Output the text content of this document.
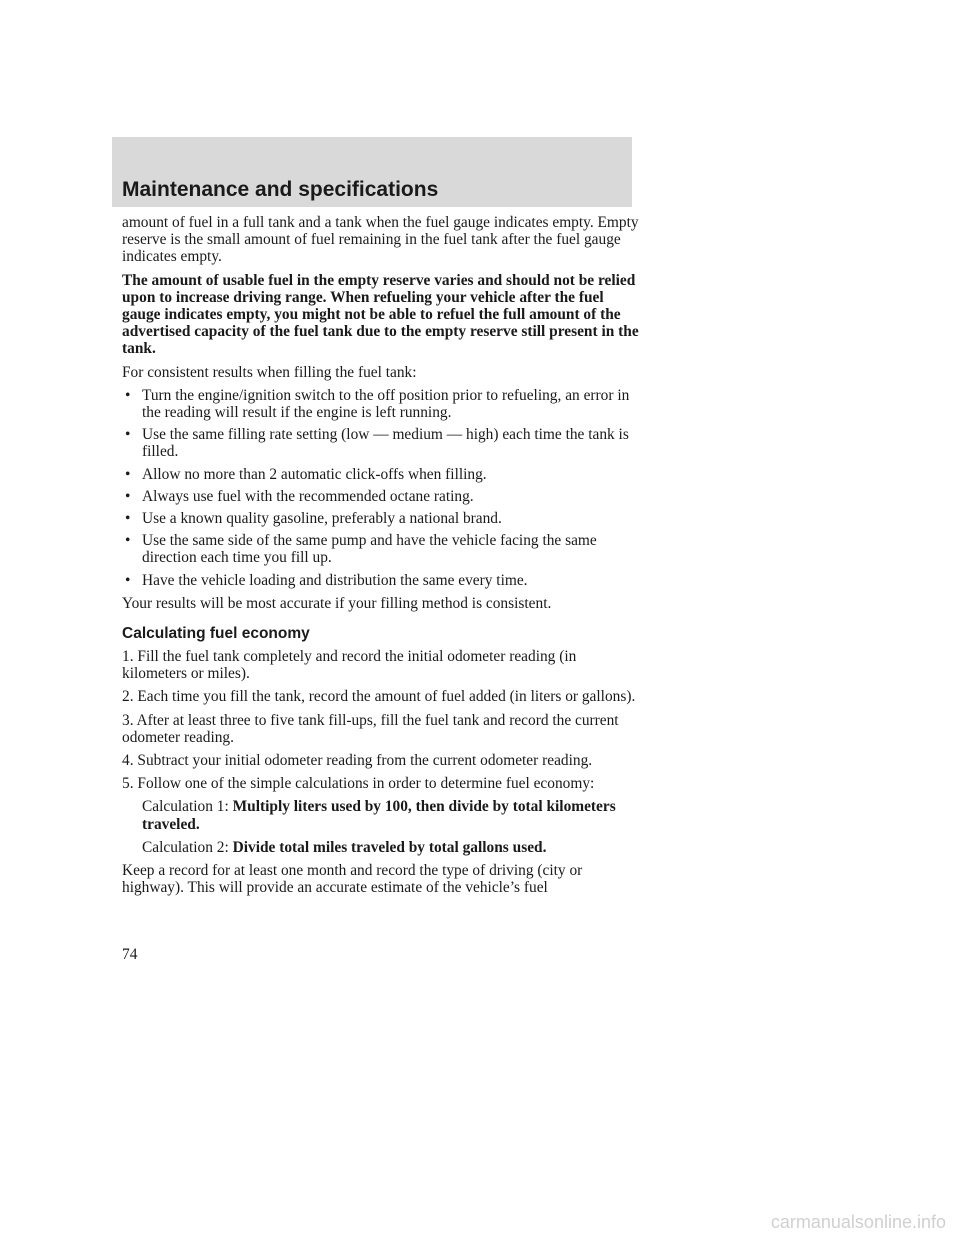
Maintenance and specifications

amount of fuel in a full tank and a tank when the fuel gauge indicates empty. Empty reserve is the small amount of fuel remaining in the fuel tank after the fuel gauge indicates empty.

The amount of usable fuel in the empty reserve varies and should not be relied upon to increase driving range. When refueling your vehicle after the fuel gauge indicates empty, you might not be able to refuel the full amount of the advertised capacity of the fuel tank due to the empty reserve still present in the tank.

For consistent results when filling the fuel tank:

• Turn the engine/ignition switch to the off position prior to refueling, an error in the reading will result if the engine is left running.
• Use the same filling rate setting (low — medium — high) each time the tank is filled.
• Allow no more than 2 automatic click-offs when filling.
• Always use fuel with the recommended octane rating.
• Use a known quality gasoline, preferably a national brand.
• Use the same side of the same pump and have the vehicle facing the same direction each time you fill up.
• Have the vehicle loading and distribution the same every time.

Your results will be most accurate if your filling method is consistent.

Calculating fuel economy

1. Fill the fuel tank completely and record the initial odometer reading (in kilometers or miles).

2. Each time you fill the tank, record the amount of fuel added (in liters or gallons).

3. After at least three to five tank fill-ups, fill the fuel tank and record the current odometer reading.

4. Subtract your initial odometer reading from the current odometer reading.

5. Follow one of the simple calculations in order to determine fuel economy:

Calculation 1: Multiply liters used by 100, then divide by total kilometers traveled.

Calculation 2: Divide total miles traveled by total gallons used.

Keep a record for at least one month and record the type of driving (city or highway). This will provide an accurate estimate of the vehicle’s fuel

74
carmanualsonline.info
